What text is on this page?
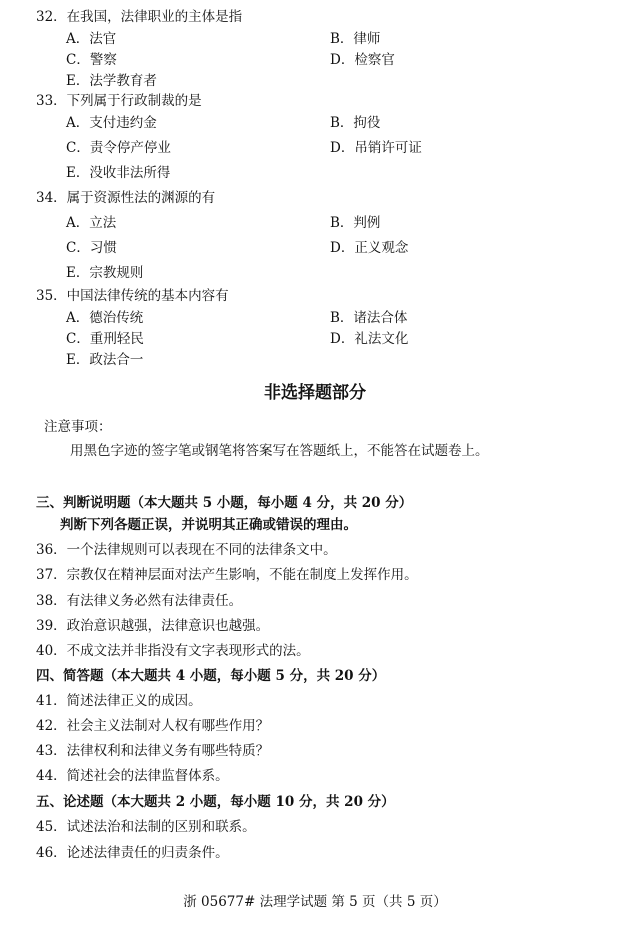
32．在我国，法律职业的主体是指
A．法官	B．律师
C．警察	D．检察官
E．法学教育者
33．下列属于行政制裁的是
A．支付违约金	B．拘役
C．责令停产停业	D．吊销许可证
E．没收非法所得
34．属于资源性法的渊源的有
A．立法	B．判例
C．习惯	D．正义观念
E．宗教规则
35．中国法律传统的基本内容有
A．德治传统	B．诸法合体
C．重刑轻民	D．礼法文化
E．政法合一
非选择题部分
注意事项：
用黑色字迹的签字笔或钢笔将答案写在答题纸上，不能答在试题卷上。
三、判断说明题（本大题共 5 小题，每小题 4 分，共 20 分）
判断下列各题正误，并说明其正确或错误的理由。
36．一个法律规则可以表现在不同的法律条文中。
37．宗教仅在精神层面对法产生影响，不能在制度上发挥作用。
38．有法律义务必然有法律责任。
39．政治意识越强，法律意识也越强。
40．不成文法并非指没有文字表现形式的法。
四、简答题（本大题共 4 小题，每小题 5 分，共 20 分）
41．简述法律正义的成因。
42．社会主义法制对人权有哪些作用？
43．法律权利和法律义务有哪些特质？
44．简述社会的法律监督体系。
五、论述题（本大题共 2 小题，每小题 10 分，共 20 分）
45．试述法治和法制的区别和联系。
46．论述法律责任的归责条件。
浙 05677# 法理学试题 第 5 页（共 5 页）
